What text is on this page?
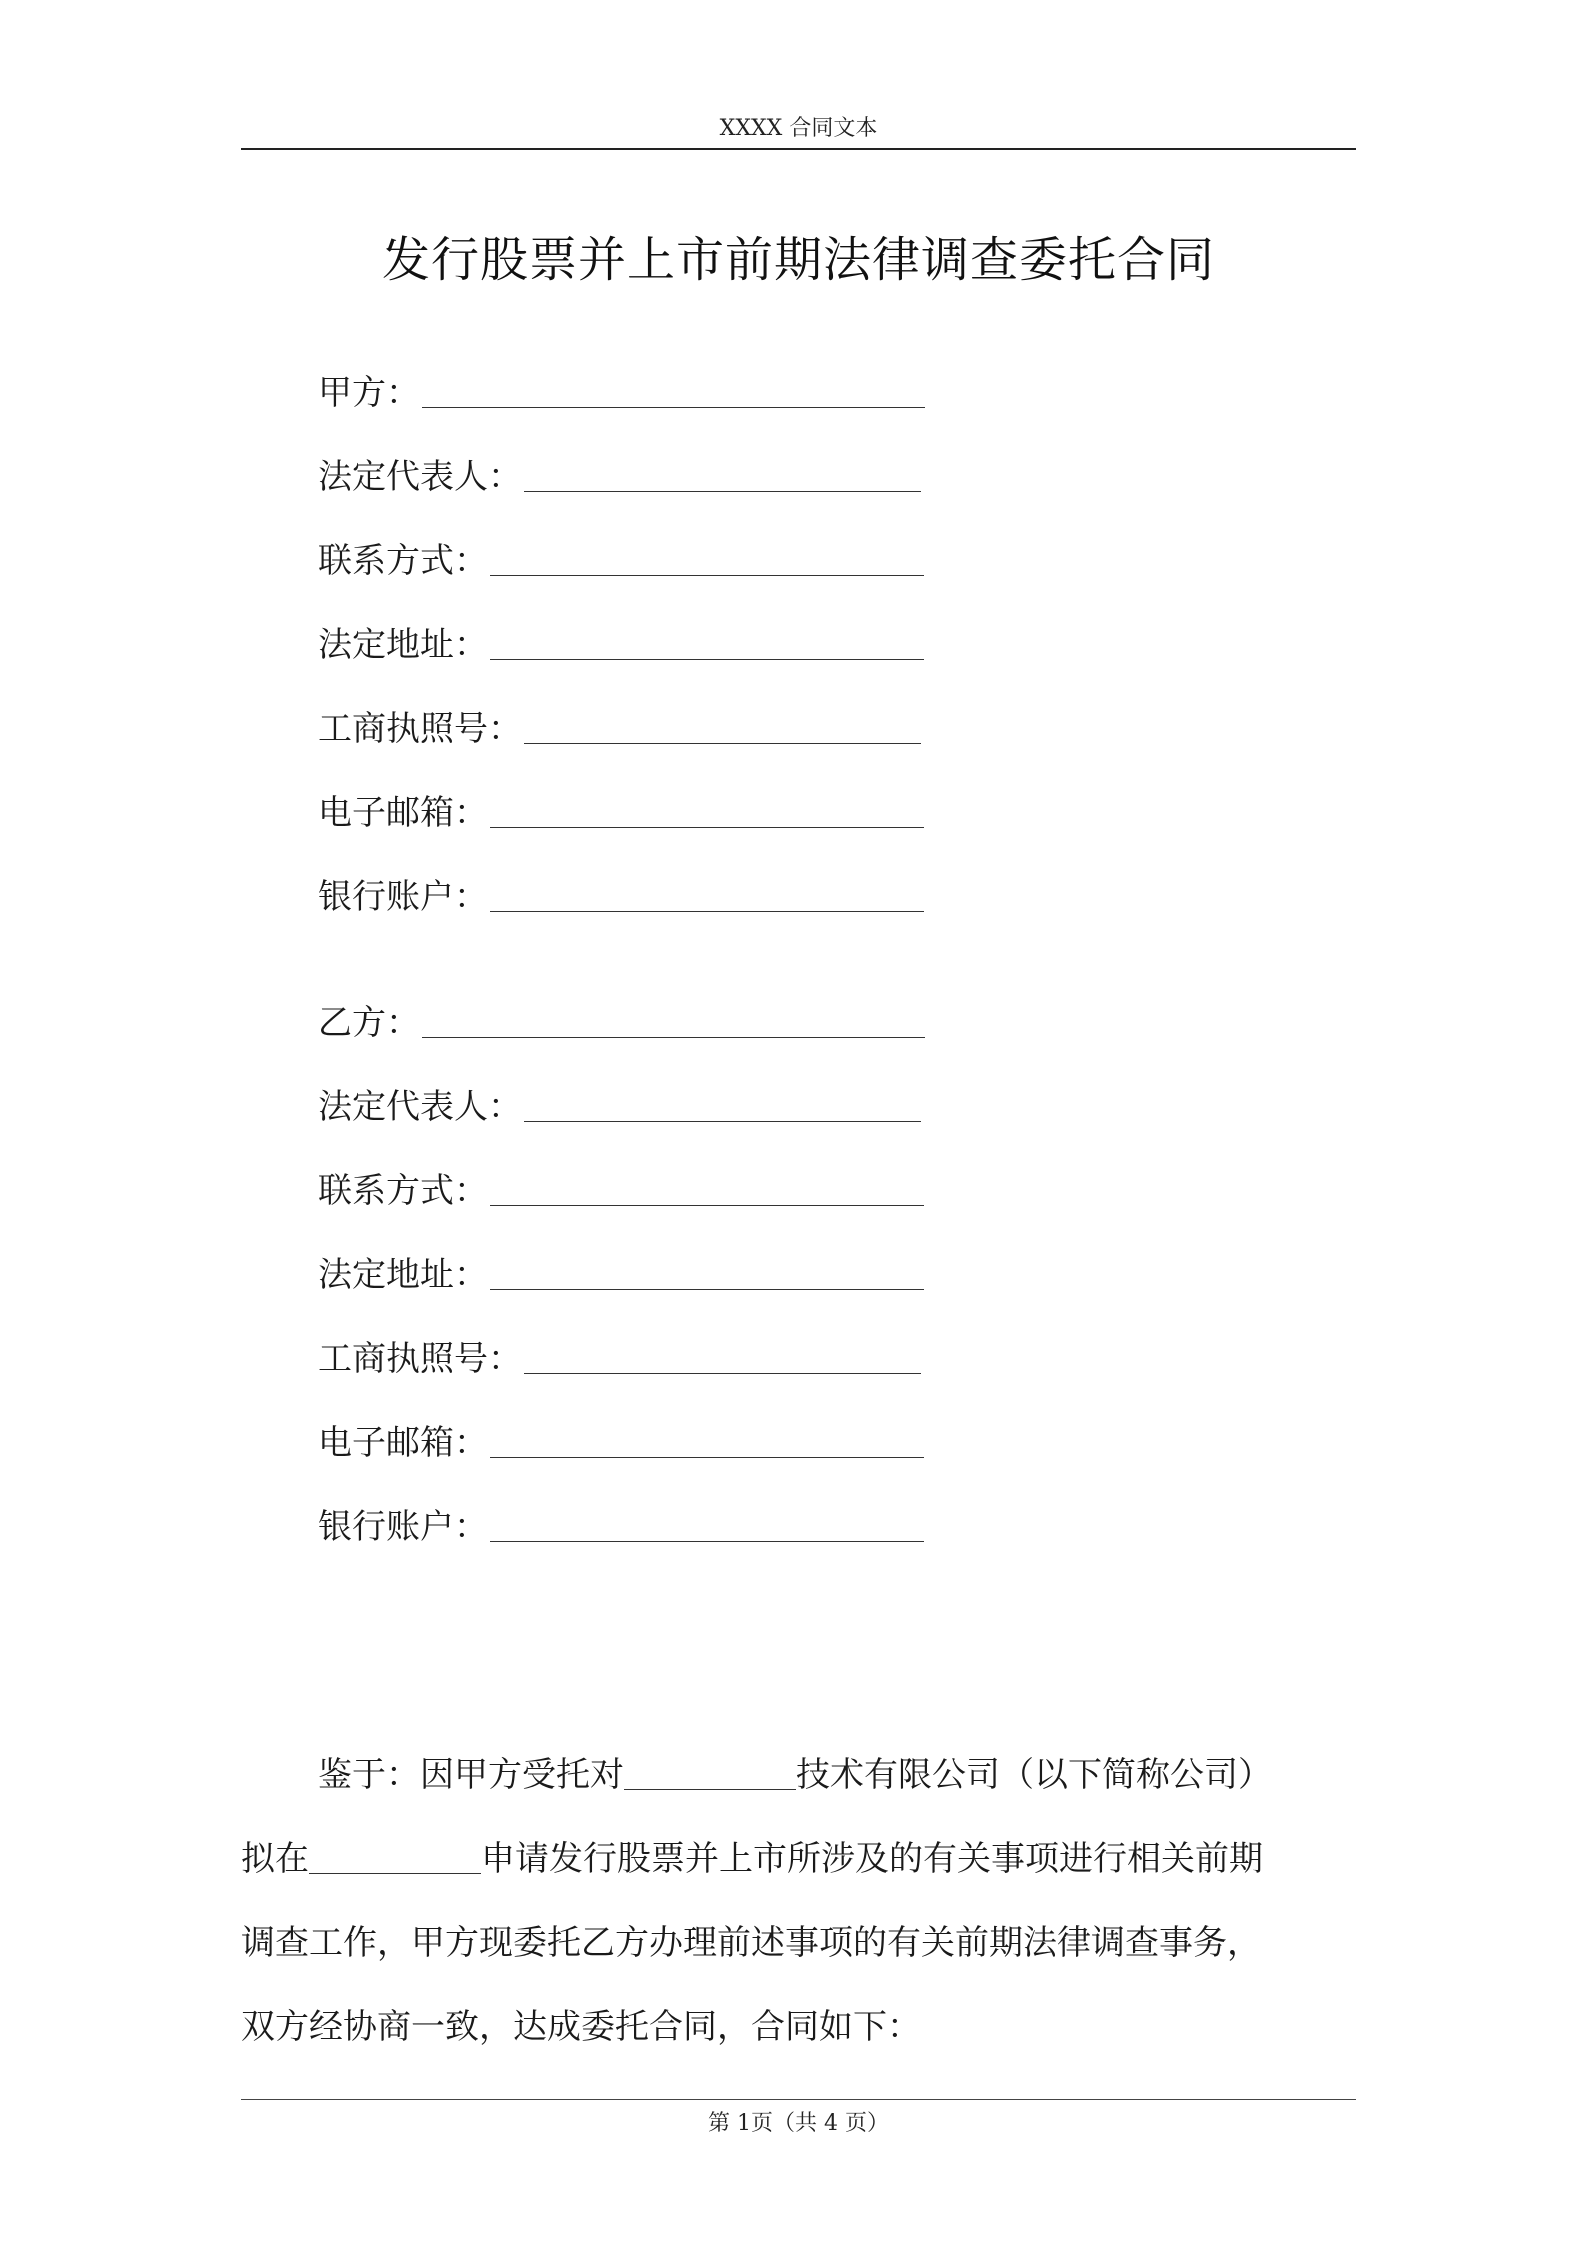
XXXX 合同文本
发行股票并上市前期法律调查委托合同
甲方：
法定代表人：
联系方式：
法定地址：
工商执照号：
电子邮箱：
银行账户：
乙方：
法定代表人：
联系方式：
法定地址：
工商执照号：
电子邮箱：
银行账户：
鉴于：因甲方受托对	技术有限公司（以下简称公司）
拟在	申请发行股票并上市所涉及的有关事项进行相关前期
调查工作，甲方现委托乙方办理前述事项的有关前期法律调查事务，
双方经协商一致，达成委托合同，合同如下：
第 1页（共 4 页）
